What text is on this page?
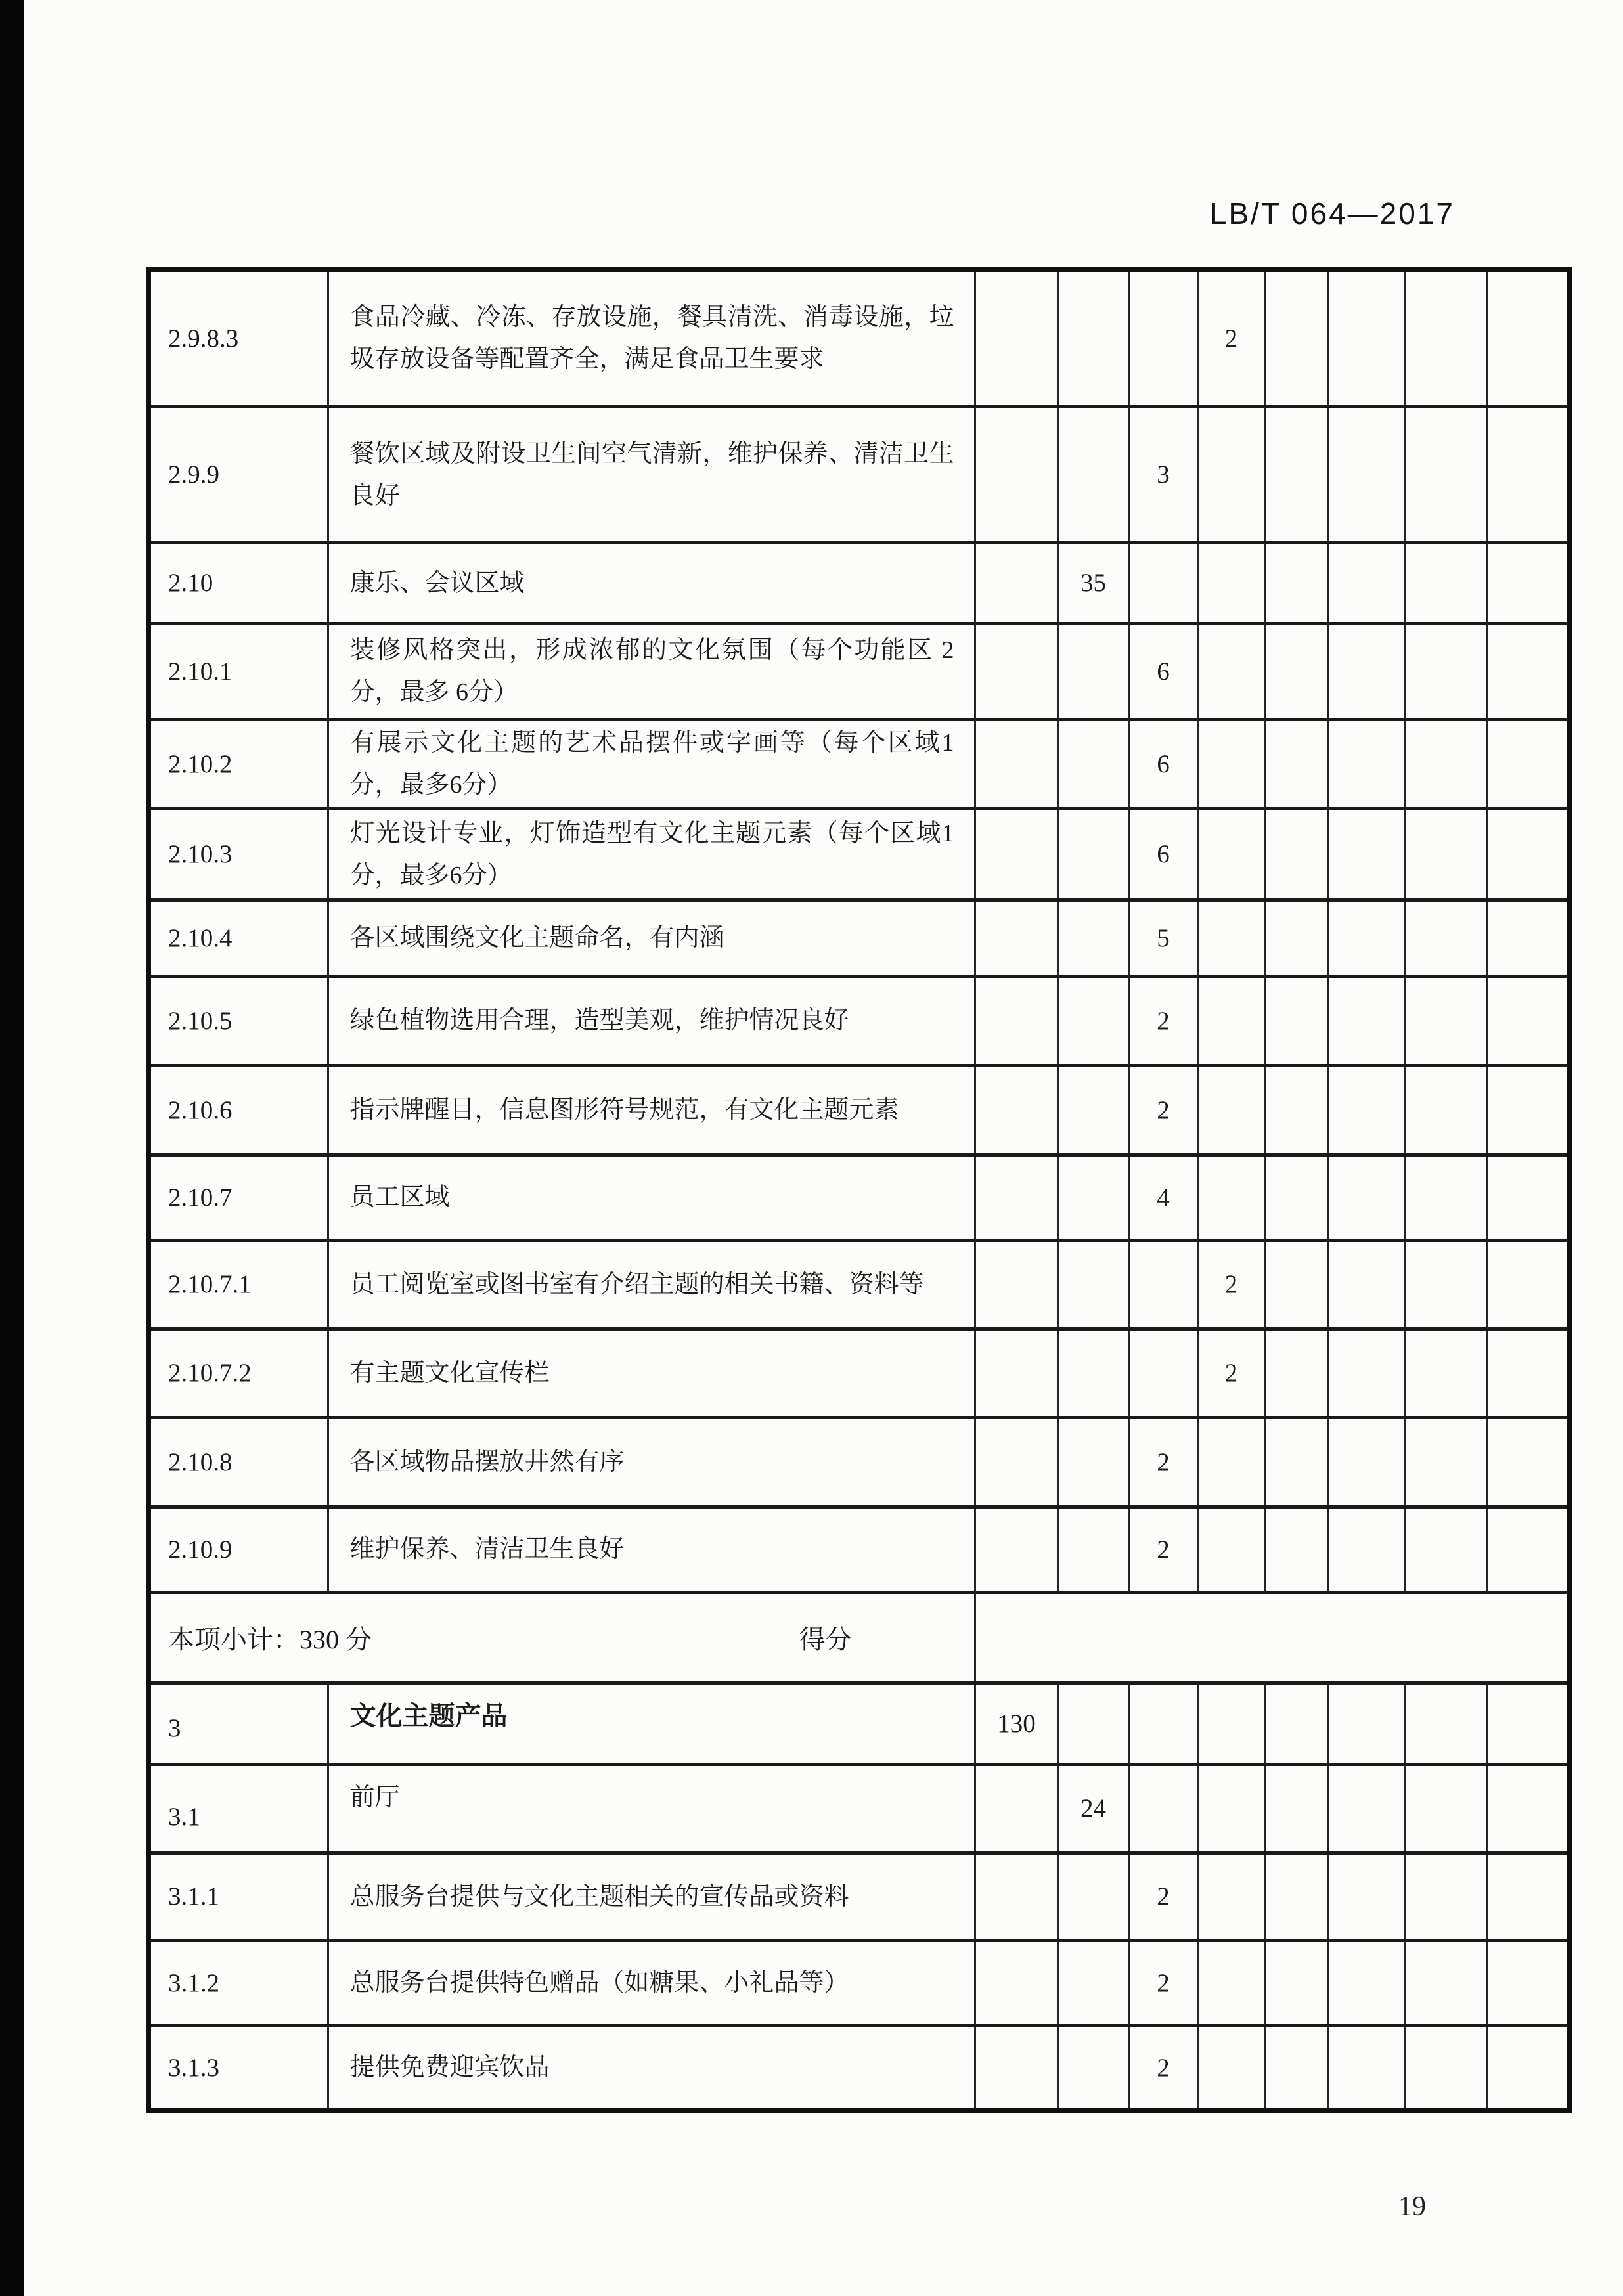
LB/T 064—2017
2.9.8.3	食品冷藏、冷冻、存放设施，餐具清洗、消毒设施，垃圾存放设备等配置齐全，满足食品卫生要求				2				
2.9.9	餐饮区域及附设卫生间空气清新，维护保养、清洁卫生良好			3					
2.10	康乐、会议区域		35						
2.10.1	装修风格突出，形成浓郁的文化氛围（每个功能区 2分，最多 6分）			6					
2.10.2	有展示文化主题的艺术品摆件或字画等（每个区域1分，最多6分）			6					
2.10.3	灯光设计专业，灯饰造型有文化主题元素（每个区域1分，最多6分）			6					
2.10.4	各区域围绕文化主题命名，有内涵			5					
2.10.5	绿色植物选用合理，造型美观，维护情况良好			2					
2.10.6	指示牌醒目，信息图形符号规范，有文化主题元素			2					
2.10.7	员工区域			4					
2.10.7.1	员工阅览室或图书室有介绍主题的相关书籍、资料等				2				
2.10.7.2	有主题文化宣传栏				2				
2.10.8	各区域物品摆放井然有序			2					
2.10.9	维护保养、清洁卫生良好			2					

本项小计：330 分 得分									

3	文化主题产品	130							
3.1	前厅		24						
3.1.1	总服务台提供与文化主题相关的宣传品或资料			2					
3.1.2	总服务台提供特色赠品（如糖果、小礼品等）			2					
3.1.3	提供免费迎宾饮品			2					
19
